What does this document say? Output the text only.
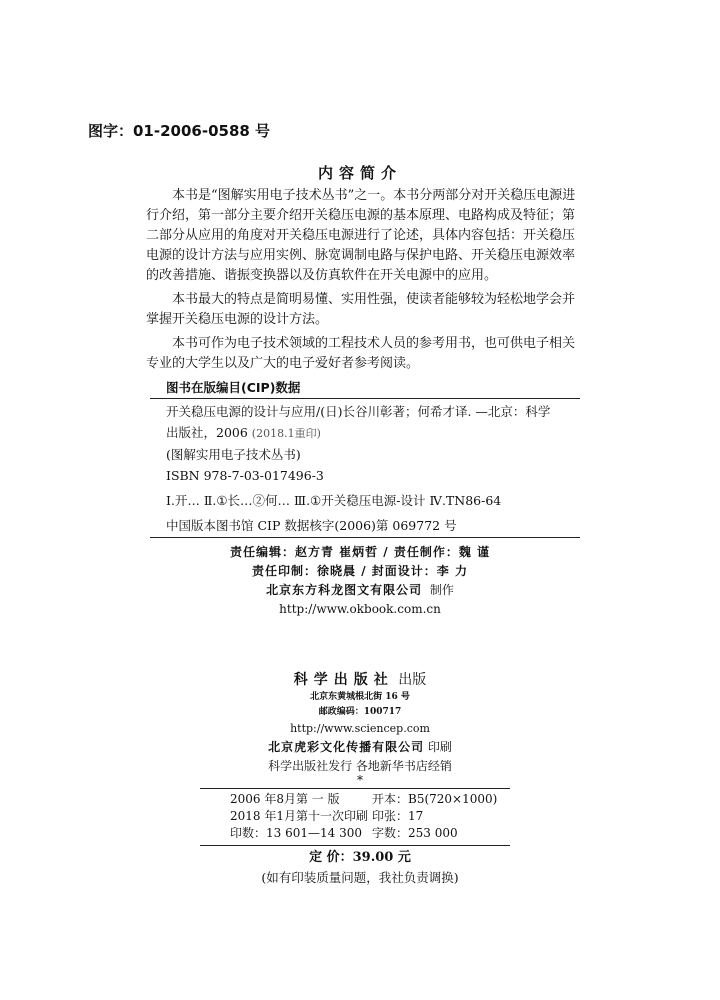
图字：01-2006-0588 号
内容简介

本书是“图解实用电子技术丛书”之一。本书分两部分对开关稳压电源进行介绍，第一部分主要介绍开关稳压电源的基本原理、电路构成及特征；第二部分从应用的角度对开关稳压电源进行了论述，具体内容包括：开关稳压电源的设计方法与应用实例、脉宽调制电路与保护电路、开关稳压电源效率的改善措施、谐振变换器以及仿真软件在开关电源中的应用。

本书最大的特点是简明易懂、实用性强，使读者能够较为轻松地学会并掌握开关稳压电源的设计方法。

本书可作为电子技术领域的工程技术人员的参考用书，也可供电子相关专业的大学生以及广大的电子爱好者参考阅读。

图书在版编目(CIP)数据
开关稳压电源的设计与应用/(日)长谷川彰著；何希才译. —北京：科学
出版社，2006 (2018.1重印)
(图解实用电子技术丛书)
ISBN 978-7-03-017496-3
Ⅰ.开… Ⅱ.①长…②何… Ⅲ.①开关稳压电源-设计 Ⅳ.TN86-64
中国版本图书馆 CIP 数据核字(2006)第 069772 号
责任编辑：赵方青 崔炳哲 / 责任制作：魏 谨
责任印制：徐晓晨 / 封面设计：李 力
北京东方科龙图文有限公司 制作
http://www.okbook.com.cn
科学出版社 出版
北京东黄城根北街 16 号
邮政编码：100717
http://www.sciencep.com
北京虎彩文化传播有限公司 印刷
科学出版社发行 各地新华书店经销
*
2006 年8月第 一 版	开本：B5(720×1000)
2018 年1月第十一次印刷 印张：17
印数：13 601—14 300 字数：253 000
定 价：39.00 元
(如有印装质量问题，我社负责调换)
